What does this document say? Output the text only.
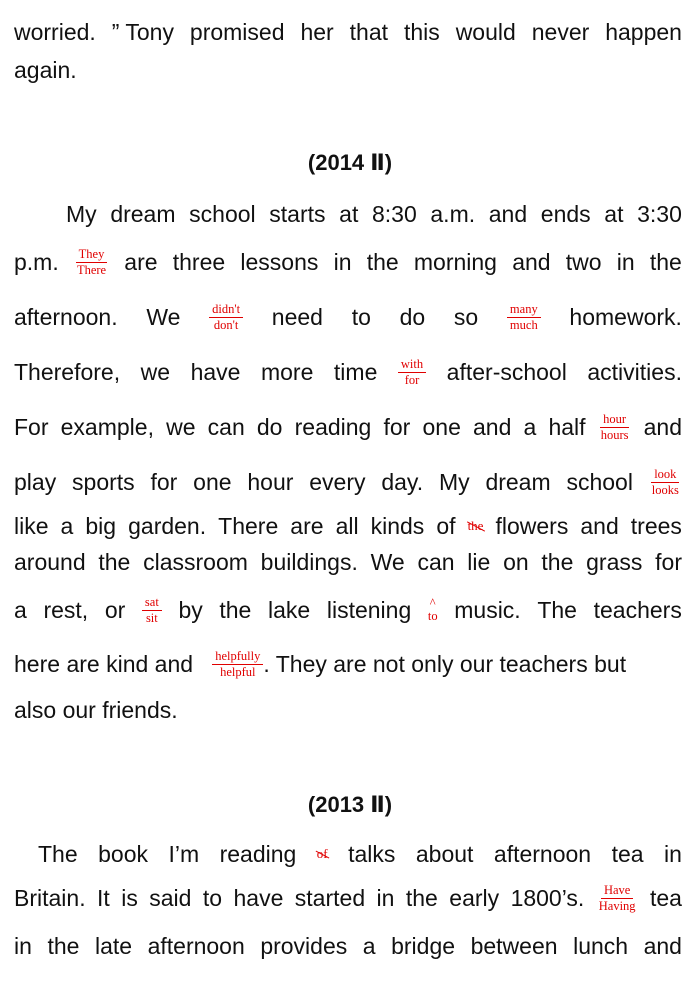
worried. ” Tony promised her that this would never happen
again.
(2014 Ⅱ)
My dream school starts at 8:30 a.m. and ends at 3:30
p.m. They
There are three lessons in the morning and two in the
afternoon. We	didn't
don't need to do so	many
much homework.
Therefore, we have more time with
for after-school activities.
For example, we can do reading for one and a half hour
hours and
play sports for one hour every day. My dream school look
looks
like a big garden. There are all kinds of the flowers and trees
around the classroom buildings. We can lie on the grass for
a rest, or sat
sit by the lake listening ^
to music. The teachers
here
are
kind
and
helpfully
helpful . They
are
not
only
our
teachers
but
also our friends.
(2013 Ⅱ)
The book I’m reading of talks about afternoon tea in
Britain. It is said to have started in the early 1800’s. Have
Having tea
in the late afternoon provides a bridge between lunch and
